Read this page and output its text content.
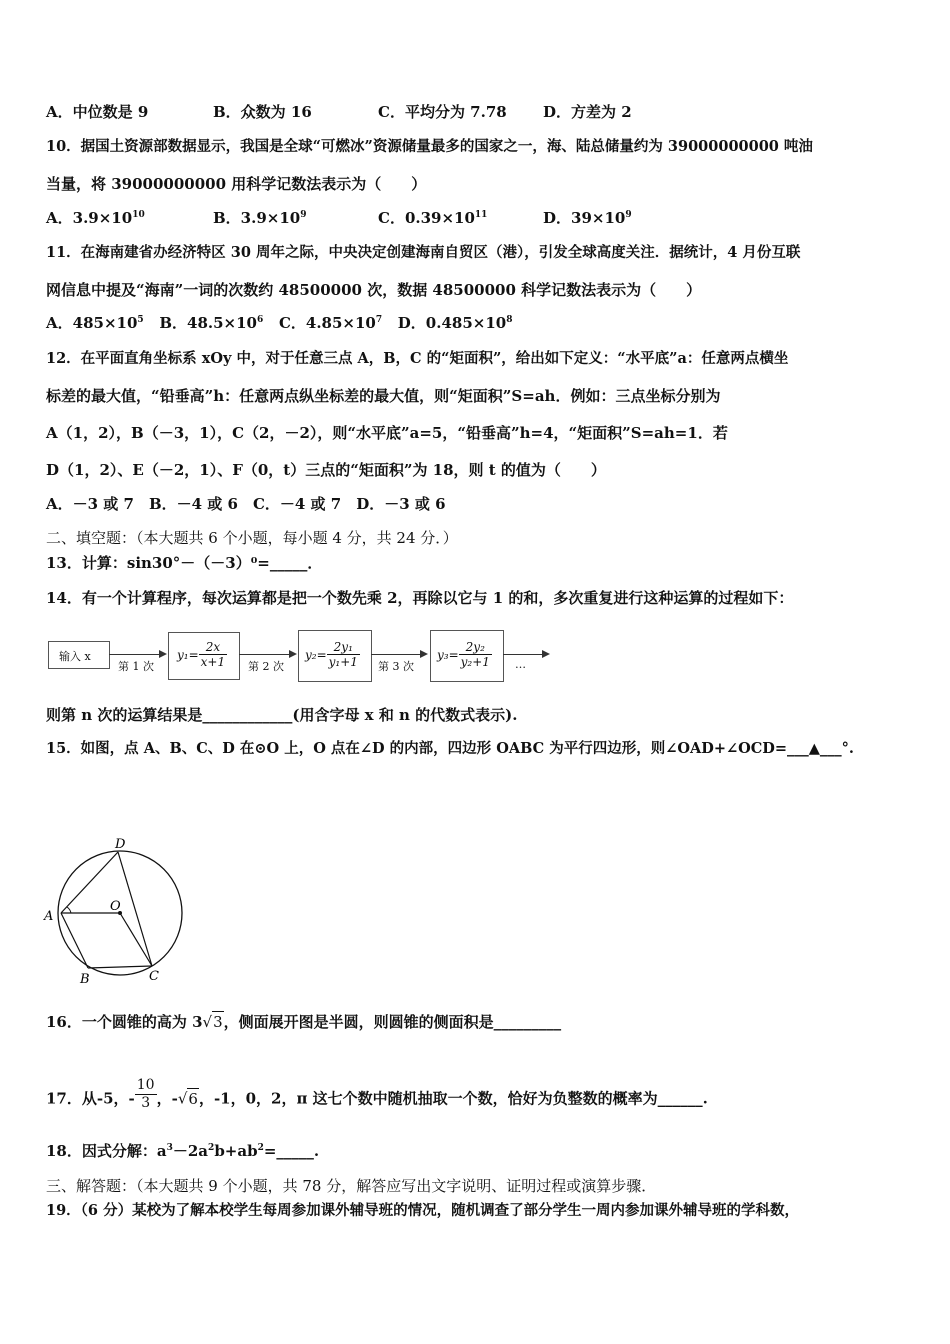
A．中位数是 9	B．众数为 16	C．平均分为 7.78 D．方差为 2
10．据国土资源部数据显示，我国是全球“可燃冰”资源储量最多的国家之一，海、陆总储量约为 39000000000 吨油
当量，将 39000000000 用科学记数法表示为（　　）
A．$3.9\times 10^{10}$	B．$3.9\times 10^9$	C．$0.39\times 10^{11}$	D．$39\times 10^9$
11．在海南建省办经济特区 30 周年之际，中央决定创建海南自贸区（港），引发全球高度关注．据统计，4 月份互联
网信息中提及“海南”一词的次数约 48500000 次，数据 48500000 科学记数法表示为（　　）
A．$485\times 10^5$ B．$48.5\times 10^6$ C．$4.85\times 10^7$ D．$0.485\times 10^8$
12．在平面直角坐标系 xOy 中，对于任意三点 A，B，C 的“矩面积”，给出如下定义：“水平底”a：任意两点横坐
标差的最大值，“铅垂高”h：任意两点纵坐标差的最大值，则“矩面积”S=ah．例如：三点坐标分别为
A（1，2），B（－3，1），C（2，－2），则“水平底”a=5，“铅垂高”h=4，“矩面积”S=ah=1．若
D（1，2）、E（－2，1）、F（0，t）三点的“矩面积”为 18，则 t 的值为（　　）
A．－3 或 7　B．－4 或 6　C．－4 或 7　D．－3 或 6
二、填空题：（本大题共 6 个小题，每小题 4 分，共 24 分．）
13．计算：sin30°－（－3）⁰=_____．
14．有一个计算程序，每次运算都是把一个数先乘 2，再除以它与 1 的和，多次重复进行这种运算的过程如下：
输入 x
第 1 次
$y_1= \frac{2x}{x+1}$ 第 2 次
$y_2= \frac{\text{2y₁}}{\text{y₁+1}}$ 第 3 次
$y_3= \frac{\text{2y₂}}{\text{y₂+1}}$ …
则第 n 次的运算结果是____________(用含字母 x 和 n 的代数式表示).
15．如图，点 A、B、C、D 在⊙O 上，O 点在∠D 的内部，四边形 OABC 为平行四边形，则∠OAD+∠OCD=___▲___°.
A
B	C
D
O
16．一个圆锥的高为 3√3，侧面展开图是半圆，则圆锥的侧面积是_________
17．从-5，- $\frac{10}{3}$ ，-√6，-1，0，2，π 这七个数中随机抽取一个数，恰好为负整数的概率为______.
18．因式分解：$a^3-2a^2b+ab^2=\_\_\_\_\_$.
三、解答题：（本大题共 9 个小题，共 78 分，解答应写出文字说明、证明过程或演算步骤．
19．（6 分）某校为了解本校学生每周参加课外辅导班的情况，随机调查了部分学生一周内参加课外辅导班的学科数，
